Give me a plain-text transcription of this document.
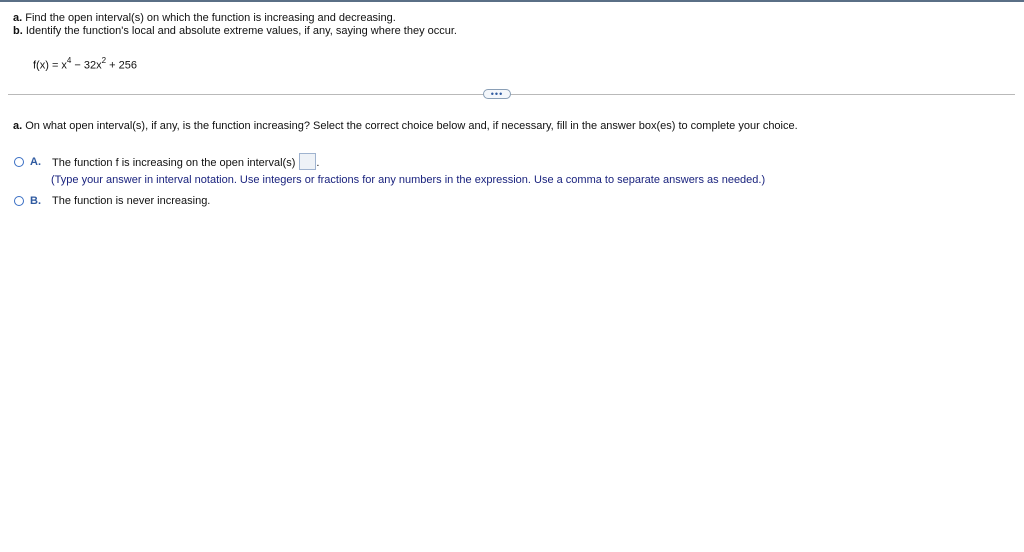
a. Find the open interval(s) on which the function is increasing and decreasing.
b. Identify the function's local and absolute extreme values, if any, saying where they occur.
$f(x) = x^4 - 32x^2 + 256$
•••
a. On what open interval(s), if any, is the function increasing? Select the correct choice below and, if necessary, fill in the answer box(es) to complete your choice.
A.	The function f is increasing on the open interval(s) .
(Type your answer in interval notation. Use integers or fractions for any numbers in the expression. Use a comma to separate answers as needed.)
B.	The function is never increasing.
